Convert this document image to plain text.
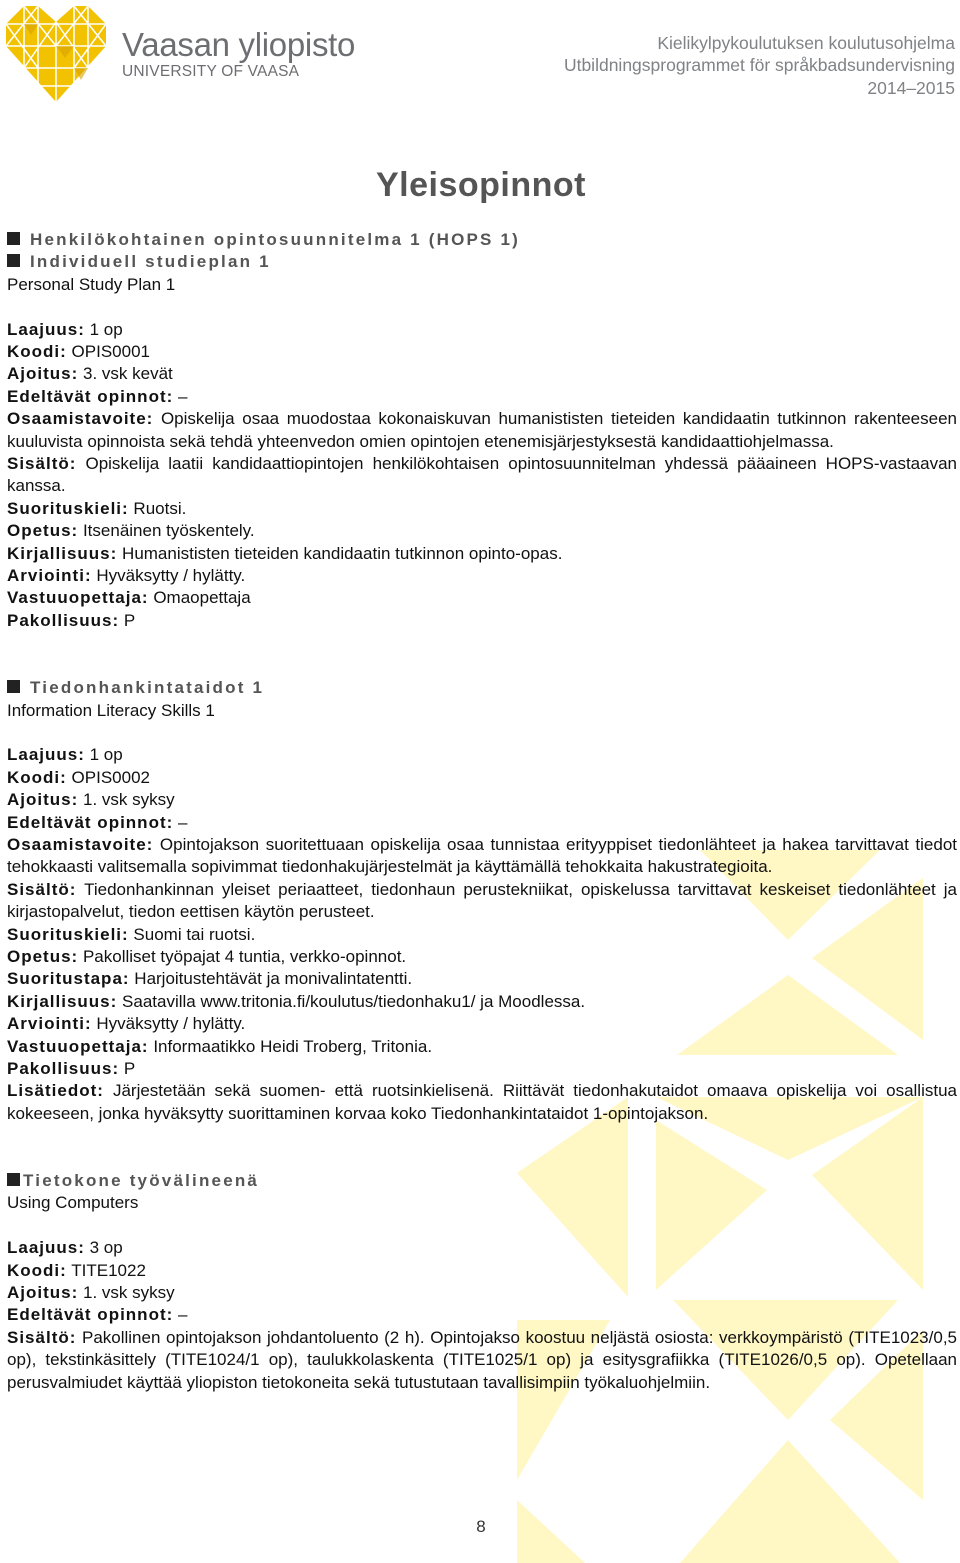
Vaasan yliopisto
UNIVERSITY OF VAASA
Kielikylpykoulutuksen koulutusohjelma
Utbildningsprogrammet för språkbadsundervisning
2014–2015
Yleisopinnot
Henkilökohtainen opintosuunnitelma 1 (HOPS 1)
Individuell studieplan 1
Personal Study Plan 1
Laajuus: 1 op
Koodi: OPIS0001
Ajoitus: 3. vsk kevät
Edeltävät opinnot: –
Osaamistavoite: Opiskelija osaa muodostaa kokonaiskuvan humanististen tieteiden kandidaatin tutkinnon rakenteeseen kuuluvista opinnoista sekä tehdä yhteenvedon omien opintojen etenemisjärjestyksestä kandidaattiohjelmassa.
Sisältö: Opiskelija laatii kandidaattiopintojen henkilökohtaisen opintosuunnitelman yhdessä pääaineen HOPS-vastaavan kanssa.
Suorituskieli: Ruotsi.
Opetus: Itsenäinen työskentely.
Kirjallisuus: Humanististen tieteiden kandidaatin tutkinnon opinto-opas.
Arviointi: Hyväksytty / hylätty.
Vastuuopettaja: Omaopettaja
Pakollisuus: P
Tiedonhankintataidot 1
Information Literacy Skills 1
Laajuus: 1 op
Koodi: OPIS0002
Ajoitus: 1. vsk syksy
Edeltävät opinnot: –
Osaamistavoite: Opintojakson suoritettuaan opiskelija osaa tunnistaa erityyppiset tiedonlähteet ja hakea tarvittavat tiedot tehokkaasti valitsemalla sopivimmat tiedonhakujärjestelmät ja käyttämällä tehokkaita hakustrategioita.
Sisältö: Tiedonhankinnan yleiset periaatteet, tiedonhaun perustekniikat, opiskelussa tarvittavat keskeiset tiedonlähteet ja kirjastopalvelut, tiedon eettisen käytön perusteet.
Suorituskieli: Suomi tai ruotsi.
Opetus: Pakolliset työpajat 4 tuntia, verkko-opinnot.
Suoritustapa: Harjoitustehtävät ja monivalintatentti.
Kirjallisuus: Saatavilla www.tritonia.fi/koulutus/tiedonhaku1/ ja Moodlessa.
Arviointi: Hyväksytty / hylätty.
Vastuuopettaja: Informaatikko Heidi Troberg, Tritonia.
Pakollisuus: P
Lisätiedot: Järjestetään sekä suomen- että ruotsinkielisenä. Riittävät tiedonhakutaidot omaava opiskelija voi osallistua kokeeseen, jonka hyväksytty suorittaminen korvaa koko Tiedonhankintataidot 1-opintojakson.
Tietokone työvälineenä
Using Computers
Laajuus: 3 op
Koodi: TITE1022
Ajoitus: 1. vsk syksy
Edeltävät opinnot: –
Sisältö: Pakollinen opintojakson johdantoluento (2 h). Opintojakso koostuu neljästä osiosta: verkkoympäristö (TITE1023/0,5 op), tekstinkäsittely (TITE1024/1 op), taulukkolaskenta (TITE1025/1 op) ja esitysgrafiikka (TITE1026/0,5 op). Opetellaan perusvalmiudet käyttää yliopiston tietokoneita sekä tutustutaan tavallisimpiin työkaluohjelmiin.
8
